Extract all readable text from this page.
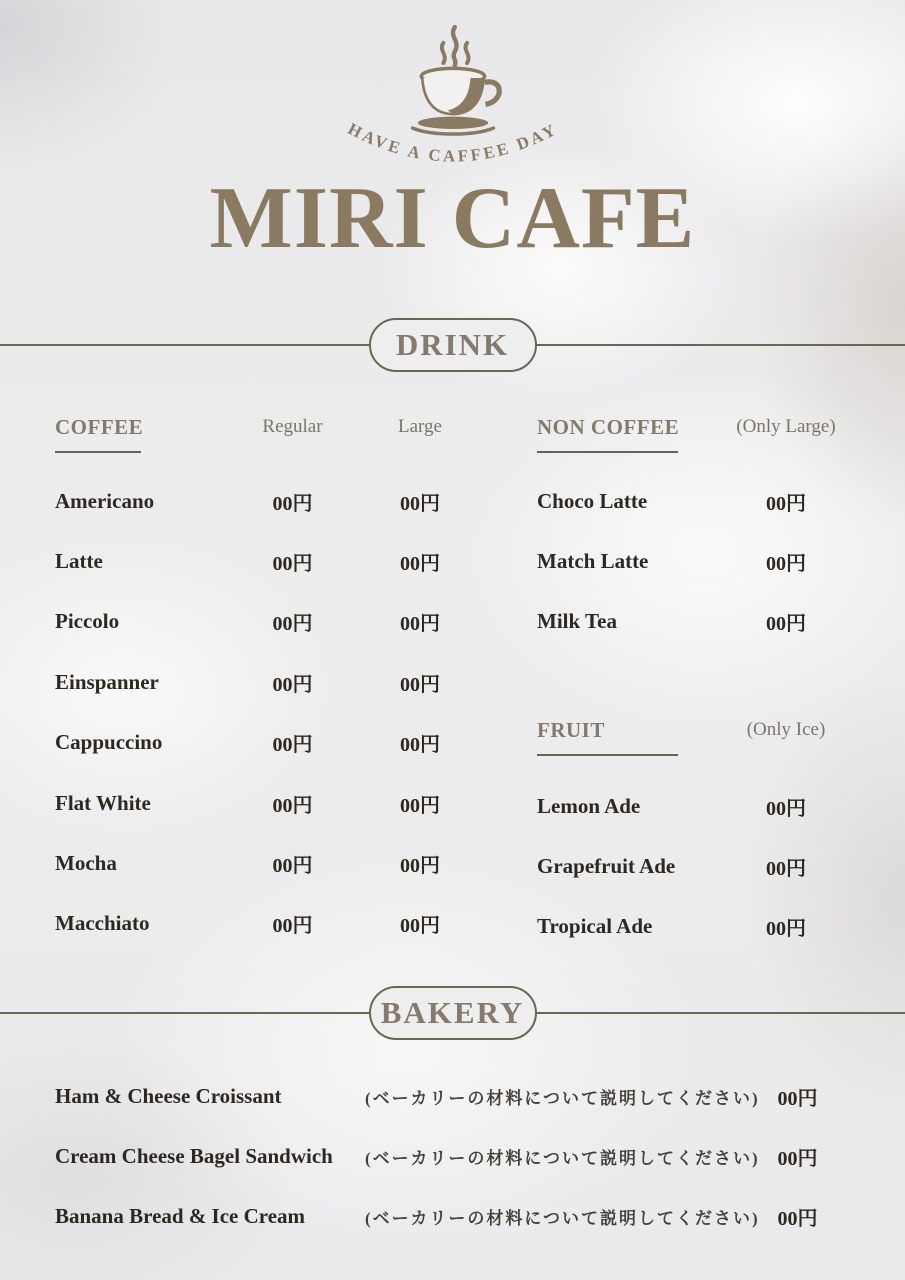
HAVE A CAFFEE DAY
MIRI CAFE
DRINK
COFFEE	Regular	Large
Americano	00円	00円
Latte	00円	00円
Piccolo	00円	00円
Einspanner	00円	00円
Cappuccino	00円	00円
Flat White	00円	00円
Mocha	00円	00円
Macchiato	00円	00円
NON COFFEE	(Only Large)
Choco Latte	00円
Match Latte	00円
Milk Tea	00円
FRUIT	(Only Ice)
Lemon Ade	00円
Grapefruit Ade	00円
Tropical Ade	00円
BAKERY
Ham & Cheese Croissant	(ベーカリーの材料について説明してください) 00円
Cream Cheese Bagel Sandwich	(ベーカリーの材料について説明してください) 00円
Banana Bread & Ice Cream	(ベーカリーの材料について説明してください) 00円
